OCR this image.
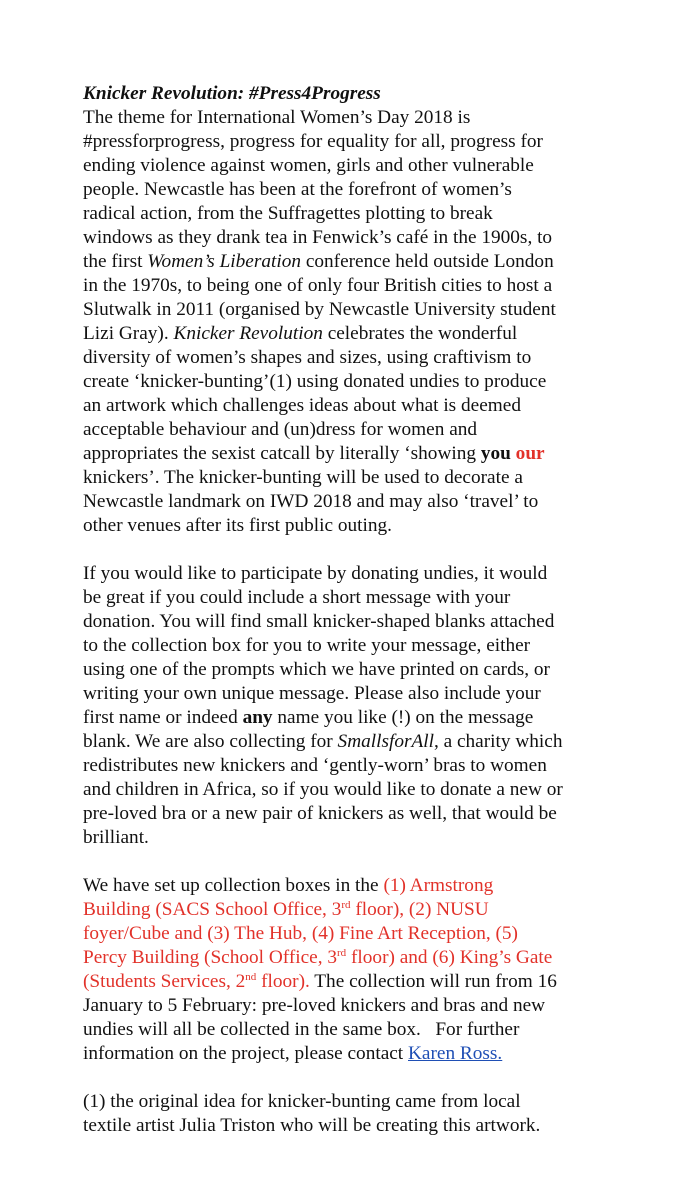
Knicker Revolution: #Press4Progress

The theme for International Women’s Day 2018 is

#pressforprogress, progress for equality for all, progress for

ending violence against women, girls and other vulnerable

people. Newcastle has been at the forefront of women’s

radical action, from the Suffragettes plotting to break

windows as they drank tea in Fenwick’s café in the 1900s, to

the first Women’s Liberation conference held outside London

in the 1970s, to being one of only four British cities to host a

Slutwalk in 2011 (organised by Newcastle University student

Lizi Gray). Knicker Revolution celebrates the wonderful

diversity of women’s shapes and sizes, using craftivism to

create ‘knicker-bunting’(1) using donated undies to produce

an artwork which challenges ideas about what is deemed

acceptable behaviour and (un)dress for women and

appropriates the sexist catcall by literally ‘showing you our

knickers’. The knicker-bunting will be used to decorate a

Newcastle landmark on IWD 2018 and may also ‘travel’ to

other venues after its first public outing.

If you would like to participate by donating undies, it would

be great if you could include a short message with your

donation. You will find small knicker-shaped blanks attached

to the collection box for you to write your message, either

using one of the prompts which we have printed on cards, or

writing your own unique message. Please also include your

first name or indeed any name you like (!) on the message

blank. We are also collecting for SmallsforAll, a charity which

redistributes new knickers and ‘gently-worn’ bras to women

and children in Africa, so if you would like to donate a new or

pre-loved bra or a new pair of knickers as well, that would be

brilliant.

We have set up collection boxes in the (1) Armstrong

Building (SACS School Office, 3rd floor), (2) NUSU

foyer/Cube and (3) The Hub, (4) Fine Art Reception, (5)

Percy Building (School Office, 3rd floor) and (6) King’s Gate

(Students Services, 2nd floor). The collection will run from 16

January to 5 February: pre-loved knickers and bras and new

undies will all be collected in the same box.   For further

information on the project, please contact Karen Ross.

(1) the original idea for knicker-bunting came from local

textile artist Julia Triston who will be creating this artwork.
